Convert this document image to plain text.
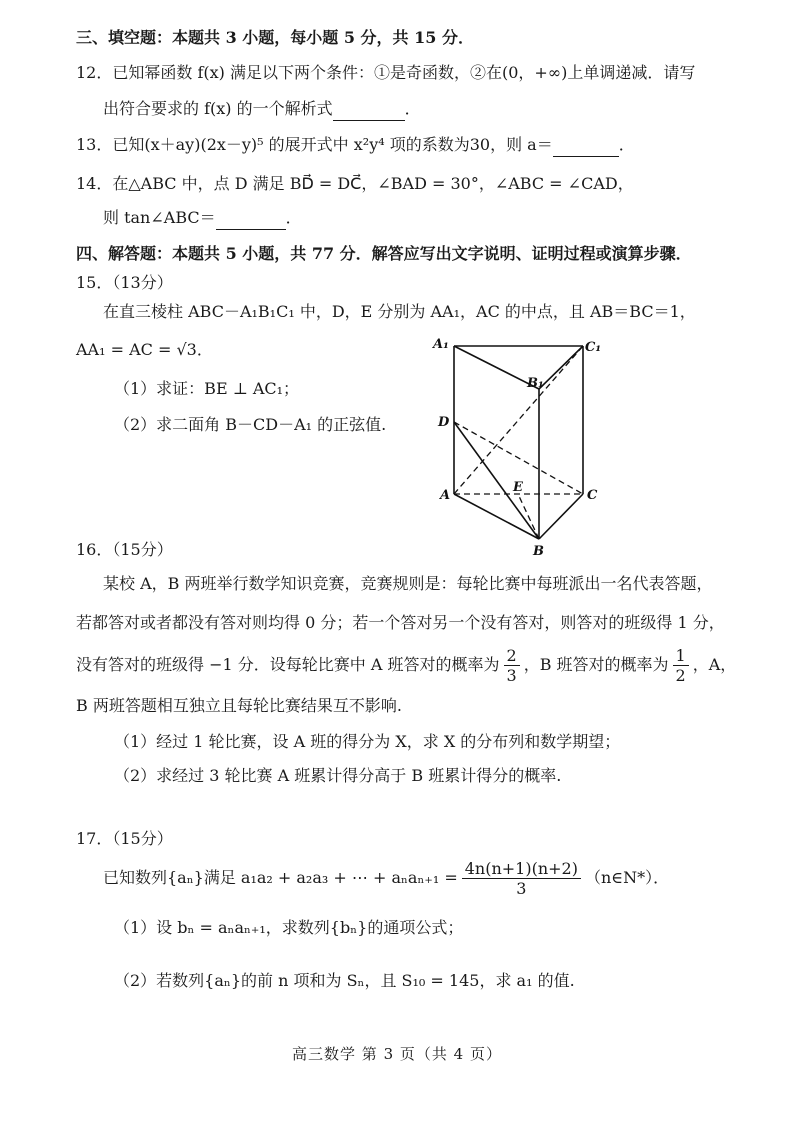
三、填空题：本题共 3 小题，每小题 5 分，共 15 分．
12．已知幂函数 f(x) 满足以下两个条件：①是奇函数，②在(0，+∞)上单调递减．请写
出符合要求的 f(x) 的一个解析式	．
13．已知(x＋ay)(2x－y)⁵ 的展开式中 x²y⁴ 项的系数为30，则 a＝	．
14．在△ABC 中，点 D 满足 BD⃗ = DC⃗，∠BAD = 30°，∠ABC = ∠CAD，
则 tan∠ABC＝	．
四、解答题：本题共 5 小题，共 77 分．解答应写出文字说明、证明过程或演算步骤．
15．（13分）
在直三棱柱 ABC－A₁B₁C₁ 中，D，E 分别为 AA₁，AC 的中点，且 AB＝BC＝1，
AA₁ = AC = √3．
（1）求证：BE ⊥ AC₁；
（2）求二面角 B－CD－A₁ 的正弦值.
A₁	C₁
B₁
D
A
E
C
B
16．（15分）
某校 A，B 两班举行数学知识竞赛，竞赛规则是：每轮比赛中每班派出一名代表答题，
若都答对或者都没有答对则均得 0 分；若一个答对另一个没有答对，则答对的班级得 1 分，
没有答对的班级得 −1 分．设每轮比赛中 A 班答对的概率为 $\frac{2}{3}$ ，B 班答对的概率为 $\frac{1}{2}$ ，A，
B 两班答题相互独立且每轮比赛结果互不影响.
（1）经过 1 轮比赛，设 A 班的得分为 X，求 X 的分布列和数学期望；
（2）求经过 3 轮比赛 A 班累计得分高于 B 班累计得分的概率.
17．（15分）
已知数列{aₙ}满足 a₁a₂ + a₂a₃ + ⋯ + $a_na_{n+1} = \frac{4n(n+1)(n+2)}{3}$ （n∈N*）．
（1）设 bₙ = aₙaₙ₊₁，求数列{bₙ}的通项公式；
（2）若数列{aₙ}的前 n 项和为 Sₙ，且 S₁₀ = 145，求 a₁ 的值.
高三数学 第 3 页（共 4 页）
